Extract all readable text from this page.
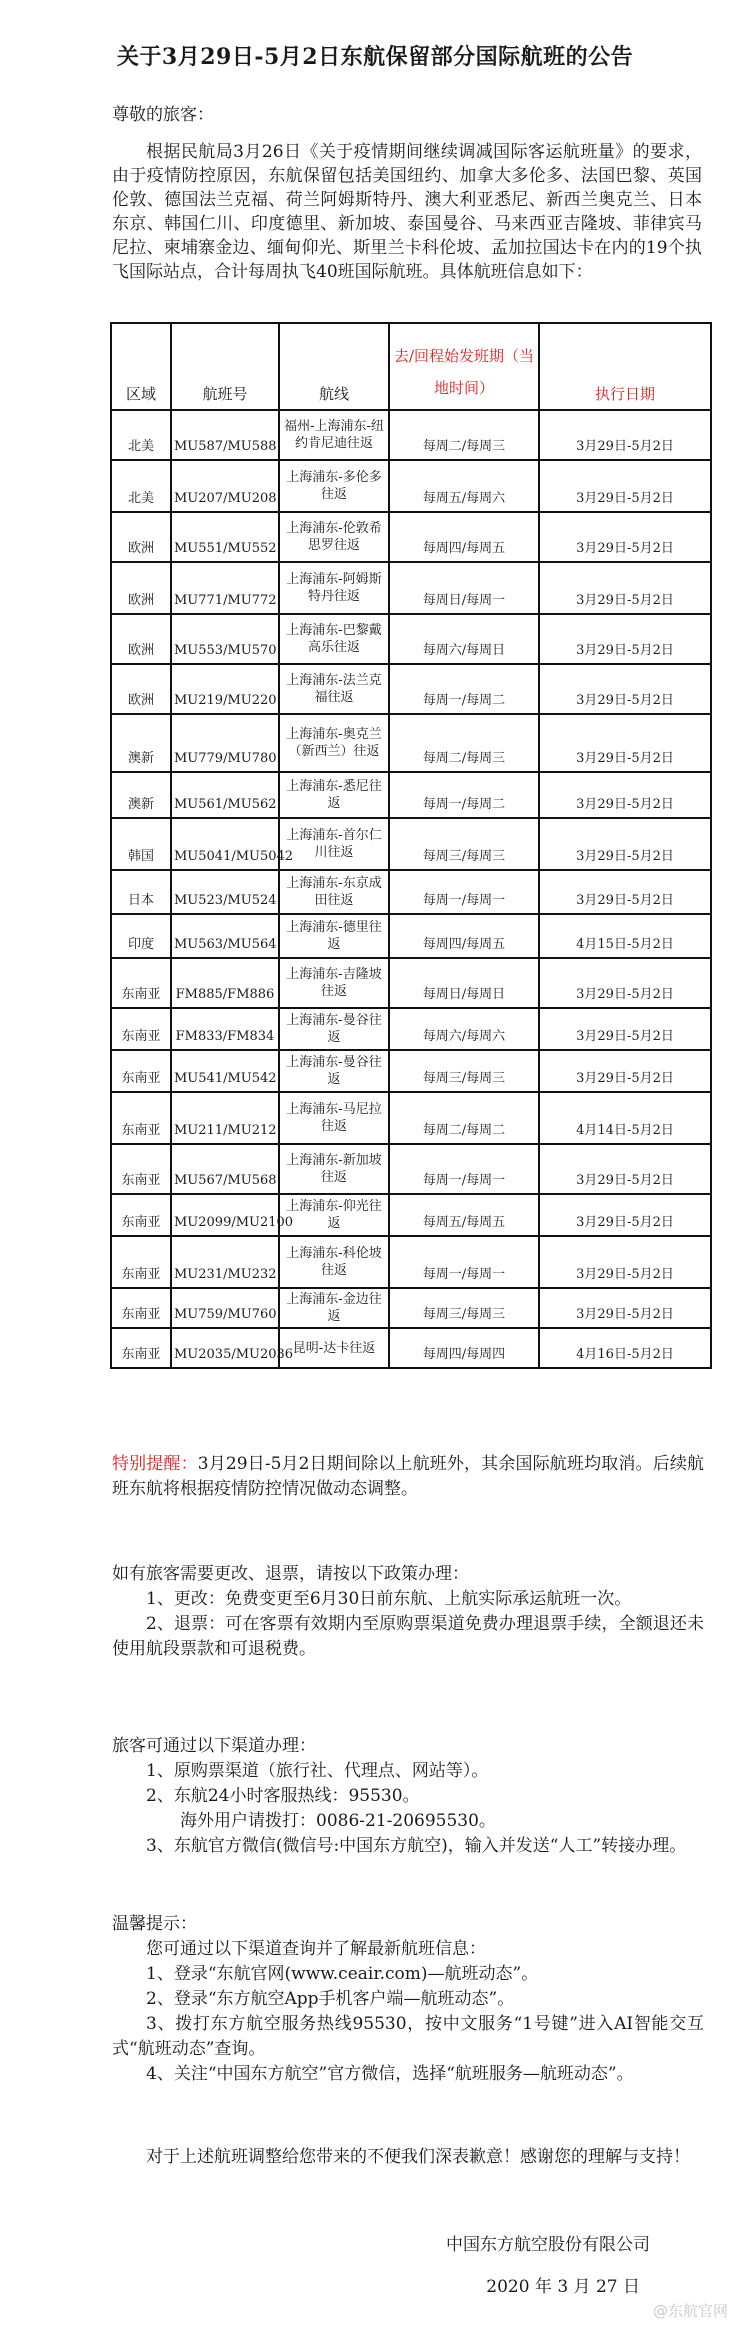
关于3月29日-5月2日东航保留部分国际航班的公告
尊敬的旅客：

根据民航局3月26日《关于疫情期间继续调减国际客运航班量》的要求，由于疫情防控原因，东航保留包括美国纽约、加拿大多伦多、法国巴黎、英国伦敦、德国法兰克福、荷兰阿姆斯特丹、澳大利亚悉尼、新西兰奥克兰、日本东京、韩国仁川、印度德里、新加坡、泰国曼谷、马来西亚吉隆坡、菲律宾马尼拉、柬埔寨金边、缅甸仰光、斯里兰卡科伦坡、孟加拉国达卡在内的19个执飞国际站点，合计每周执飞40班国际航班。具体航班信息如下：

区域	航班号	航线	去/回程始发班期（当地时间）	执行日期
北美	MU587/MU588	福州-上海浦东-纽约肯尼迪往返	每周二/每周三	3月29日-5月2日
北美	MU207/MU208	上海浦东-多伦多往返	每周五/每周六	3月29日-5月2日
欧洲	MU551/MU552	上海浦东-伦敦希思罗往返	每周四/每周五	3月29日-5月2日
欧洲	MU771/MU772	上海浦东-阿姆斯特丹往返	每周日/每周一	3月29日-5月2日
欧洲	MU553/MU570	上海浦东-巴黎戴高乐往返	每周六/每周日	3月29日-5月2日
欧洲	MU219/MU220	上海浦东-法兰克福往返	每周一/每周二	3月29日-5月2日
澳新	MU779/MU780	上海浦东-奥克兰（新西兰）往返	每周二/每周三	3月29日-5月2日
澳新	MU561/MU562	上海浦东-悉尼往返	每周一/每周二	3月29日-5月2日
韩国	MU5041/MU5042	上海浦东-首尔仁川往返	每周三/每周三	3月29日-5月2日
日本	MU523/MU524	上海浦东-东京成田往返	每周一/每周一	3月29日-5月2日
印度	MU563/MU564	上海浦东-德里往返	每周四/每周五	4月15日-5月2日
东南亚	FM885/FM886	上海浦东-吉隆坡往返	每周日/每周日	3月29日-5月2日
东南亚	FM833/FM834	上海浦东-曼谷往返	每周六/每周六	3月29日-5月2日
东南亚	MU541/MU542	上海浦东-曼谷往返	每周三/每周三	3月29日-5月2日
东南亚	MU211/MU212	上海浦东-马尼拉往返	每周二/每周二	4月14日-5月2日
东南亚	MU567/MU568	上海浦东-新加坡往返	每周一/每周一	3月29日-5月2日
东南亚	MU2099/MU2100	上海浦东-仰光往返	每周五/每周五	3月29日-5月2日
东南亚	MU231/MU232	上海浦东-科伦坡往返	每周一/每周一	3月29日-5月2日
东南亚	MU759/MU760	上海浦东-金边往返	每周三/每周三	3月29日-5月2日
东南亚	MU2035/MU2036	昆明-达卡往返	每周四/每周四	4月16日-5月2日

特别提醒：3月29日-5月2日期间除以上航班外，其余国际航班均取消。后续航班东航将根据疫情防控情况做动态调整。

如有旅客需要更改、退票，请按以下政策办理：

1、更改：免费变更至6月30日前东航、上航实际承运航班一次。

2、退票：可在客票有效期内至原购票渠道免费办理退票手续，全额退还未使用航段票款和可退税费。

旅客可通过以下渠道办理：

1、原购票渠道（旅行社、代理点、网站等）。

2、东航24小时客服热线：95530。

海外用户请拨打：0086-21-20695530。

3、东航官方微信(微信号:中国东方航空)，输入并发送“人工”转接办理。

温馨提示：

您可通过以下渠道查询并了解最新航班信息：

1、登录“东航官网(www.ceair.com)—航班动态”。

2、登录“东方航空App手机客户端—航班动态”。

3、拨打东方航空服务热线95530，按中文服务“1号键”进入AI智能交互式“航班动态”查询。

4、关注“中国东方航空”官方微信，选择“航班服务—航班动态”。

对于上述航班调整给您带来的不便我们深表歉意！感谢您的理解与支持！

中国东方航空股份有限公司
2020 年 3 月 27 日
@东航官网
